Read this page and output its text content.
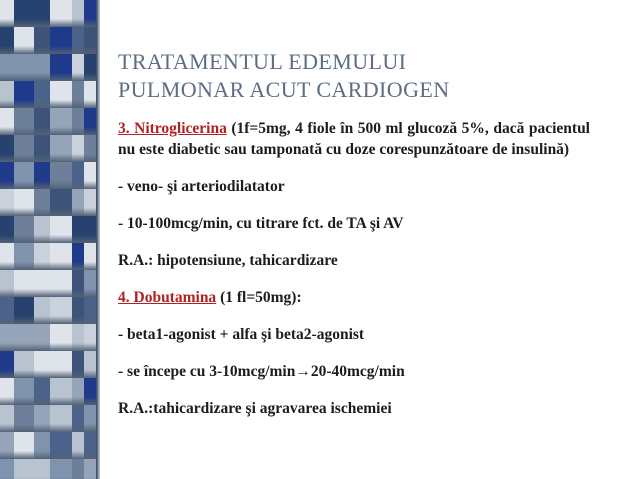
TRATAMENTUL EDEMULUI
PULMONAR ACUT CARDIOGEN

3. Nitroglicerina (1f=5mg, 4 fiole în 500 ml glucoză 5%, dacă pacientul nu este diabetic sau tamponată cu doze corespunzătoare de insulină)

- veno- şi arteriodilatator

- 10-100mcg/min, cu titrare fct. de TA şi AV

R.A.: hipotensiune, tahicardizare

4. Dobutamina (1 fl=50mg):

- beta1-agonist + alfa şi beta2-agonist

- se începe cu 3-10mcg/min→20-40mcg/min

R.A.:tahicardizare şi agravarea ischemiei
